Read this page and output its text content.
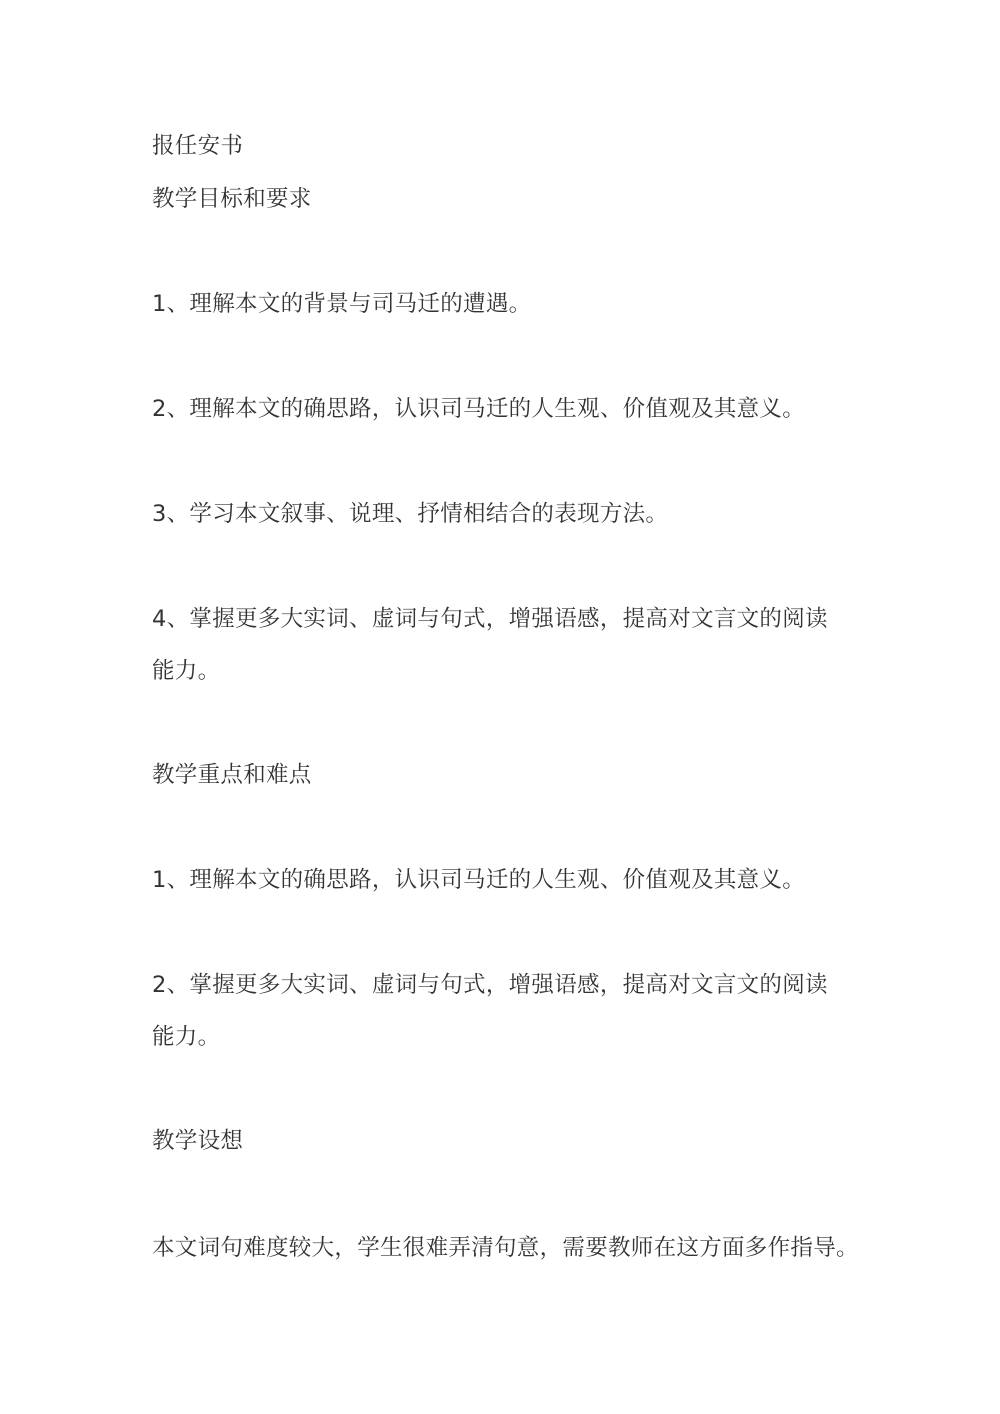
报任安书
教学目标和要求
1、理解本文的背景与司马迁的遭遇。
2、理解本文的确思路，认识司马迁的人生观、价值观及其意义。
3、学习本文叙事、说理、抒情相结合的表现方法。
4、掌握更多大实词、虚词与句式，增强语感，提高对文言文的阅读
能力。
教学重点和难点
1、理解本文的确思路，认识司马迁的人生观、价值观及其意义。
2、掌握更多大实词、虚词与句式，增强语感，提高对文言文的阅读
能力。
教学设想
本文词句难度较大，学生很难弄清句意，需要教师在这方面多作指导。
